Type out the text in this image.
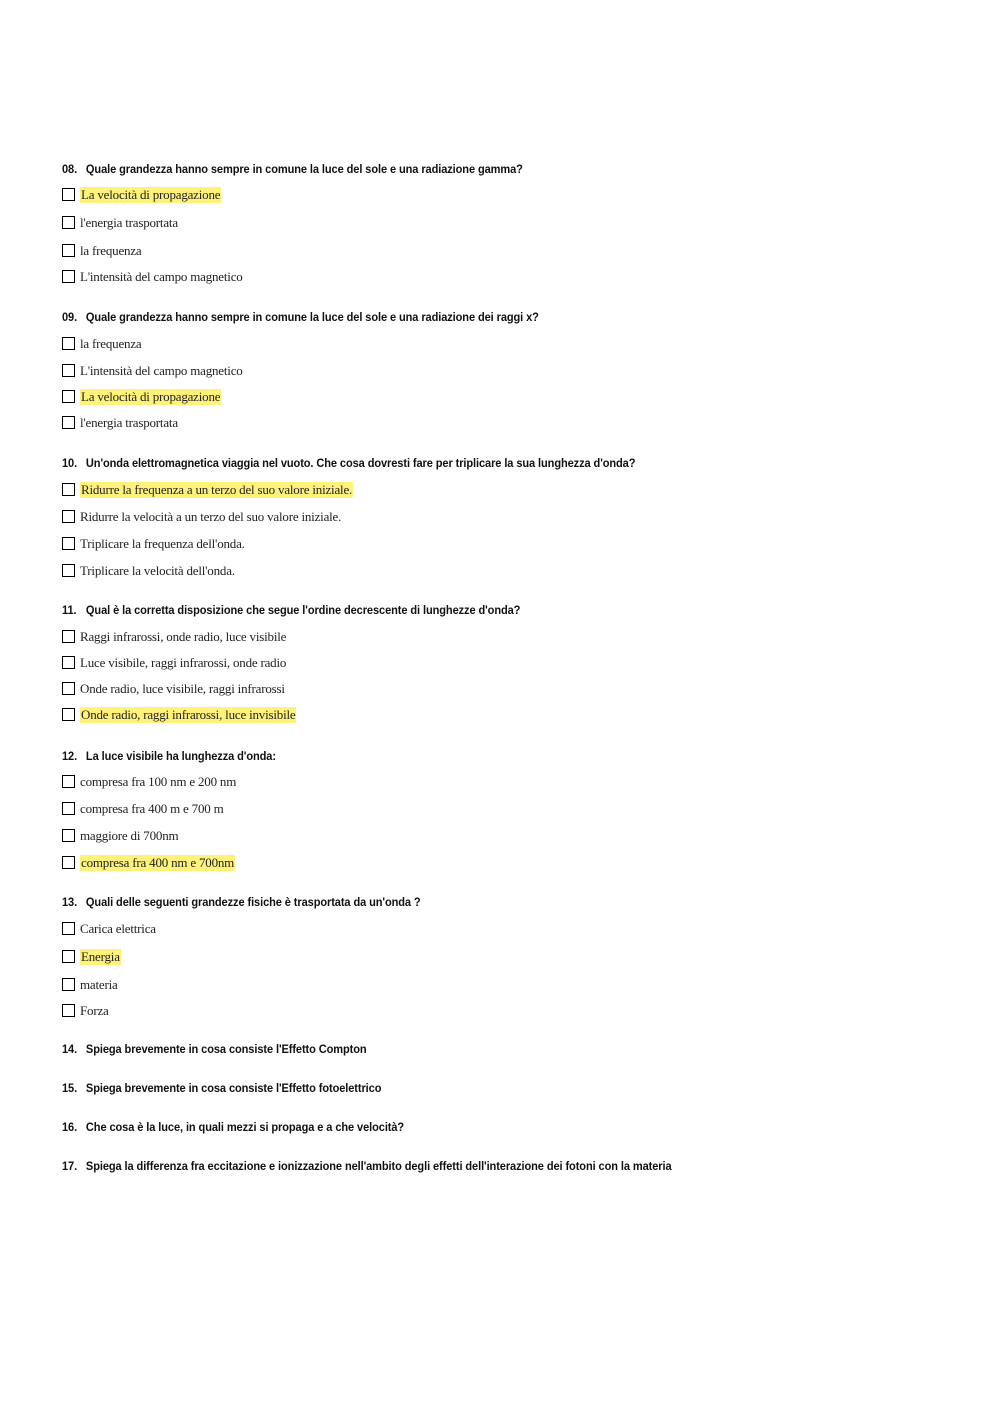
08. Quale grandezza hanno sempre in comune la luce del sole e una radiazione gamma?
La velocità di propagazione
l'energia trasportata
la frequenza
L'intensità del campo magnetico
09. Quale grandezza hanno sempre in comune la luce del sole e una radiazione dei raggi x?
la frequenza
L'intensità del campo magnetico
La velocità di propagazione
l'energia trasportata
10. Un'onda elettromagnetica viaggia nel vuoto. Che cosa dovresti fare per triplicare la sua lunghezza d'onda?
Ridurre la frequenza a un terzo del suo valore iniziale.
Ridurre la velocità a un terzo del suo valore iniziale.
Triplicare la frequenza dell'onda.
Triplicare la velocità dell'onda.
11. Qual è la corretta disposizione che segue l'ordine decrescente di lunghezze d'onda?
Raggi infrarossi, onde radio, luce visibile
Luce visibile, raggi infrarossi, onde radio
Onde radio, luce visibile, raggi infrarossi
Onde radio, raggi infrarossi, luce invisibile
12. La luce visibile ha lunghezza d'onda:
compresa fra 100 nm e 200 nm
compresa fra 400 m e 700 m
maggiore di 700nm
compresa fra 400 nm e 700nm
13. Quali delle seguenti grandezze fisiche è trasportata da un'onda ?
Carica elettrica
Energia
materia
Forza
14. Spiega brevemente in cosa consiste l'Effetto Compton
15. Spiega brevemente in cosa consiste l'Effetto fotoelettrico
16. Che cosa è la luce, in quali mezzi si propaga e a che velocità?
17. Spiega la differenza fra eccitazione e ionizzazione nell'ambito degli effetti dell'interazione dei fotoni con la materia
